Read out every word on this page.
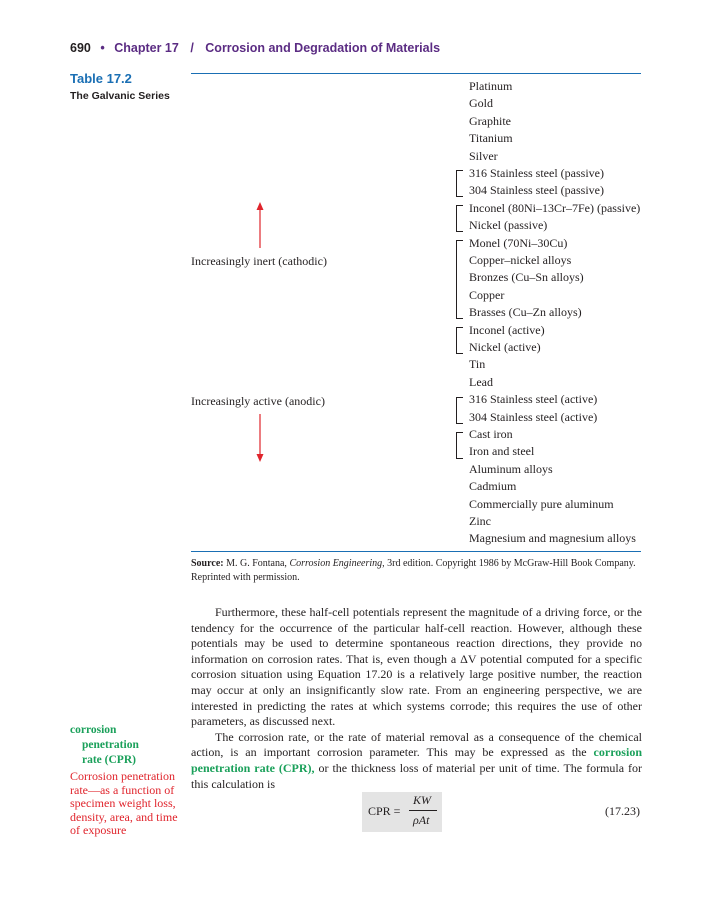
690 • Chapter 17 / Corrosion and Degradation of Materials
Table 17.2
The Galvanic Series
Platinum
Gold
Graphite
Titanium
Silver
316 Stainless steel (passive)
304 Stainless steel (passive)
Inconel (80Ni–13Cr–7Fe) (passive)
Nickel (passive)
Monel (70Ni–30Cu)
Copper–nickel alloys
Bronzes (Cu–Sn alloys)
Copper
Brasses (Cu–Zn alloys)
Inconel (active)
Nickel (active)
Tin
Lead
316 Stainless steel (active)
304 Stainless steel (active)
Cast iron
Iron and steel
Aluminum alloys
Cadmium
Commercially pure aluminum
Zinc
Magnesium and magnesium alloys
Increasingly inert (cathodic)
Increasingly active (anodic)
Source: M. G. Fontana, Corrosion Engineering, 3rd edition. Copyright 1986 by McGraw-Hill Book Company. Reprinted with permission.

Furthermore, these half-cell potentials represent the magnitude of a driving force, or the tendency for the occurrence of the particular half-cell reaction. However, although these potentials may be used to determine spontaneous reaction directions, they provide no information on corrosion rates. That is, even though a ΔV potential computed for a specific corrosion situation using Equation 17.20 is a relatively large positive number, the reaction may occur at only an insignificantly slow rate. From an engineering perspective, we are interested in predicting the rates at which systems corrode; this requires the use of other parameters, as discussed next.

The corrosion rate, or the rate of material removal as a consequence of the chemical action, is an important corrosion parameter. This may be expressed as the corrosion penetration rate (CPR), or the thickness loss of material per unit of time. The formula for this calculation is

corrosion
penetration
rate (CPR)
Corrosion penetration rate—as a function of specimen weight loss, density, area, and time of exposure
CPR =
KW
ρAt
(17.23)
